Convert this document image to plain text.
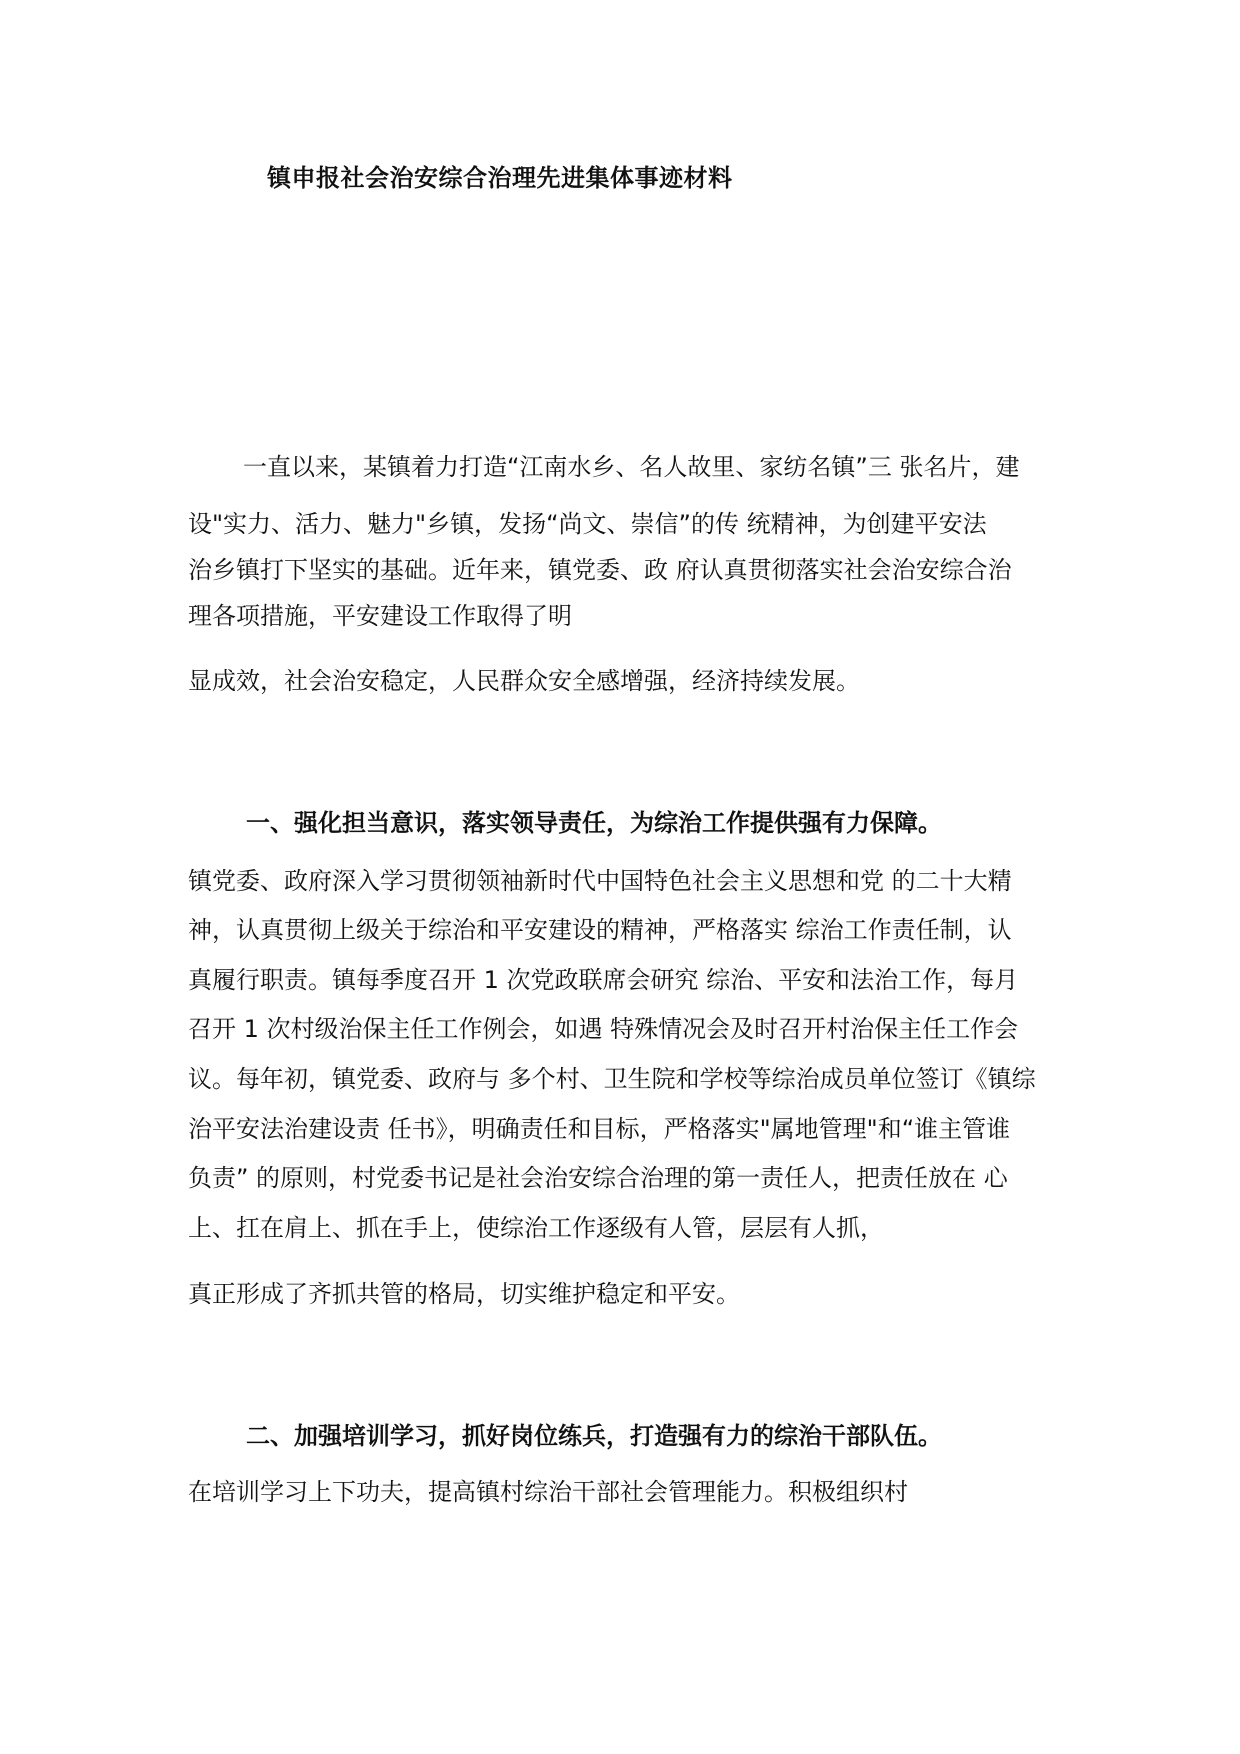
镇申报社会治安综合治理先进集体事迹材料
一直以来，某镇着力打造“江南水乡、名人故里、家纺名镇”三 张名片，建
设"实力、活力、魅力"乡镇，发扬“尚文、崇信”的传 统精神，为创建平安法
治乡镇打下坚实的基础。近年来，镇党委、政 府认真贯彻落实社会治安综合治
理各项措施，平安建设工作取得了明
显成效，社会治安稳定，人民群众安全感增强，经济持续发展。
一、强化担当意识，落实领导责任，为综治工作提供强有力保障。
镇党委、政府深入学习贯彻领袖新时代中国特色社会主义思想和党 的二十大精
神，认真贯彻上级关于综治和平安建设的精神，严格落实 综治工作责任制，认
真履行职责。镇每季度召开 1 次党政联席会研究 综治、平安和法治工作，每月
召开 1 次村级治保主任工作例会，如遇 特殊情况会及时召开村治保主任工作会
议。每年初，镇党委、政府与 多个村、卫生院和学校等综治成员单位签订《镇综
治平安法治建设责 任书》，明确责任和目标，严格落实"属地管理"和“谁主管谁
负责” 的原则，村党委书记是社会治安综合治理的第一责任人，把责任放在 心
上、扛在肩上、抓在手上，使综治工作逐级有人管，层层有人抓，
真正形成了齐抓共管的格局，切实维护稳定和平安。
二、加强培训学习，抓好岗位练兵，打造强有力的综治干部队伍。
在培训学习上下功夫，提高镇村综治干部社会管理能力。积极组织村
